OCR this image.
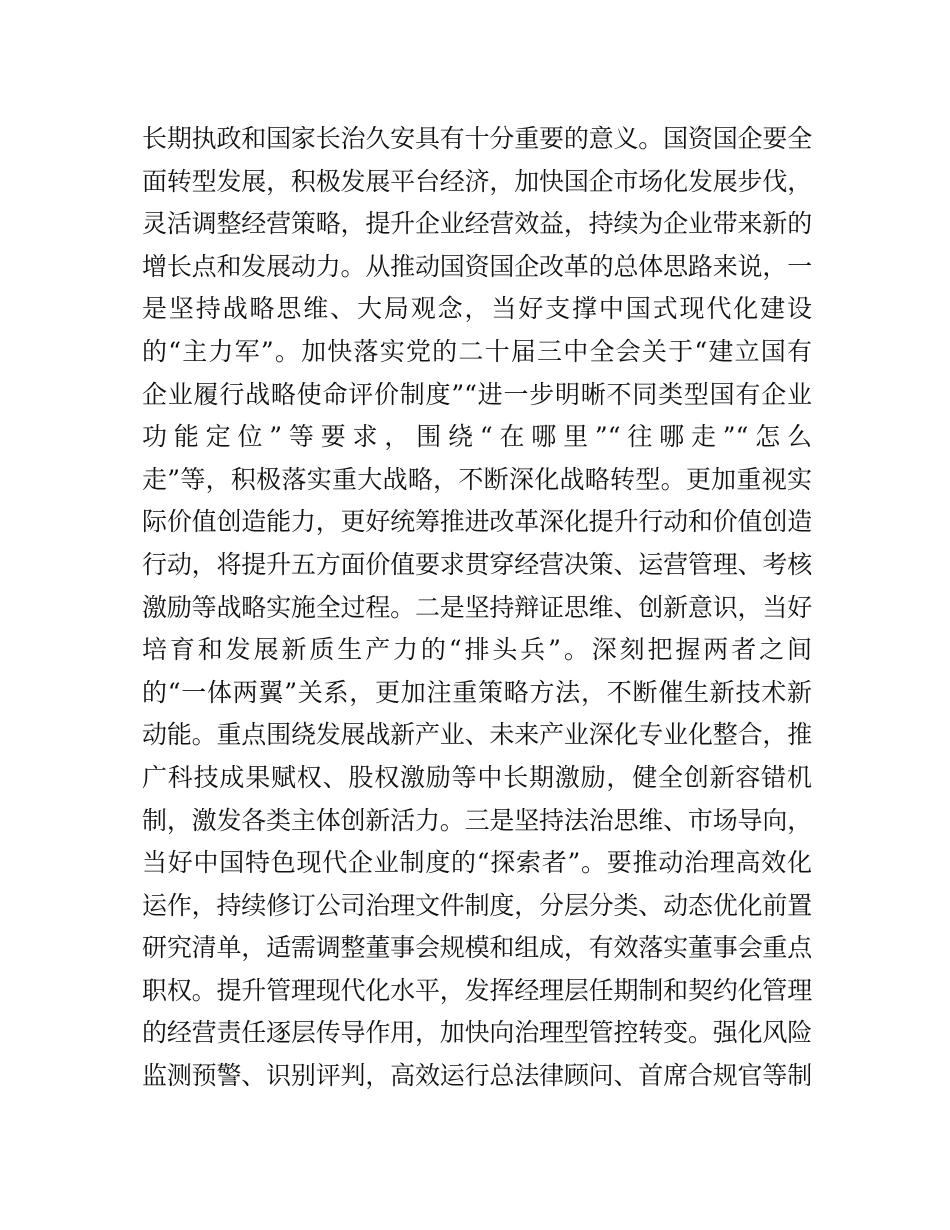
长期执政和国家长治久安具有十分重要的意义。国资国企要全
面转型发展，积极发展平台经济，加快国企市场化发展步伐，
灵活调整经营策略，提升企业经营效益，持续为企业带来新的
增长点和发展动力。从推动国资国企改革的总体思路来说，一
是坚持战略思维、大局观念，当好支撑中国式现代化建设
的“主力军”。加快落实党的二十届三中全会关于“建立国有
企业履行战略使命评价制度”“进一步明晰不同类型国有企业
功能定位”等要求，围绕“在哪里”“往哪走”“怎么
走”等，积极落实重大战略，不断深化战略转型。更加重视实
际价值创造能力，更好统筹推进改革深化提升行动和价值创造
行动，将提升五方面价值要求贯穿经营决策、运营管理、考核
激励等战略实施全过程。二是坚持辩证思维、创新意识，当好
培育和发展新质生产力的“排头兵”。深刻把握两者之间
的“一体两翼”关系，更加注重策略方法，不断催生新技术新
动能。重点围绕发展战新产业、未来产业深化专业化整合，推
广科技成果赋权、股权激励等中长期激励，健全创新容错机
制，激发各类主体创新活力。三是坚持法治思维、市场导向，
当好中国特色现代企业制度的“探索者”。要推动治理高效化
运作，持续修订公司治理文件制度，分层分类、动态优化前置
研究清单，适需调整董事会规模和组成，有效落实董事会重点
职权。提升管理现代化水平，发挥经理层任期制和契约化管理
的经营责任逐层传导作用，加快向治理型管控转变。强化风险
监测预警、识别评判，高效运行总法律顾问、首席合规官等制
